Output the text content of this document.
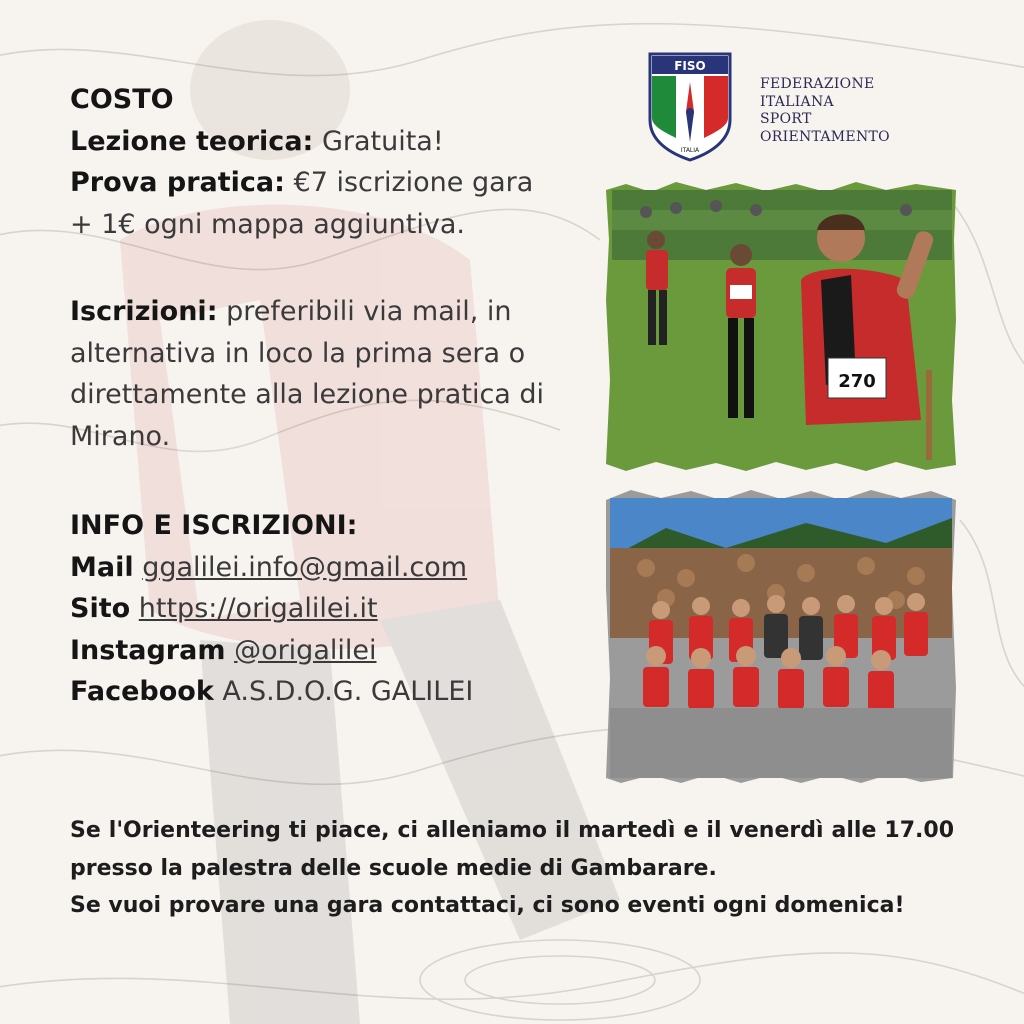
COSTO
Lezione teorica: Gratuita!
Prova pratica: €7 iscrizione gara
+ 1€ ogni mappa aggiuntiva.
Iscrizioni: preferibili via mail, in alternativa in loco la prima sera o direttamente alla lezione pratica di Mirano.
INFO E ISCRIZIONI:
Mail ggalilei.info@gmail.com
Sito https://origalilei.it
Instagram @origalilei
Facebook A.S.D.O.G. GALILEI
FISO
ITALIA
FEDERAZIONE
ITALIANA
SPORT
ORIENTAMENTO
270

Se l'Orienteering ti piace, ci alleniamo il martedì e il venerdì alle 17.00 presso la palestra delle scuole medie di Gambarare.

Se vuoi provare una gara contattaci, ci sono eventi ogni domenica!
